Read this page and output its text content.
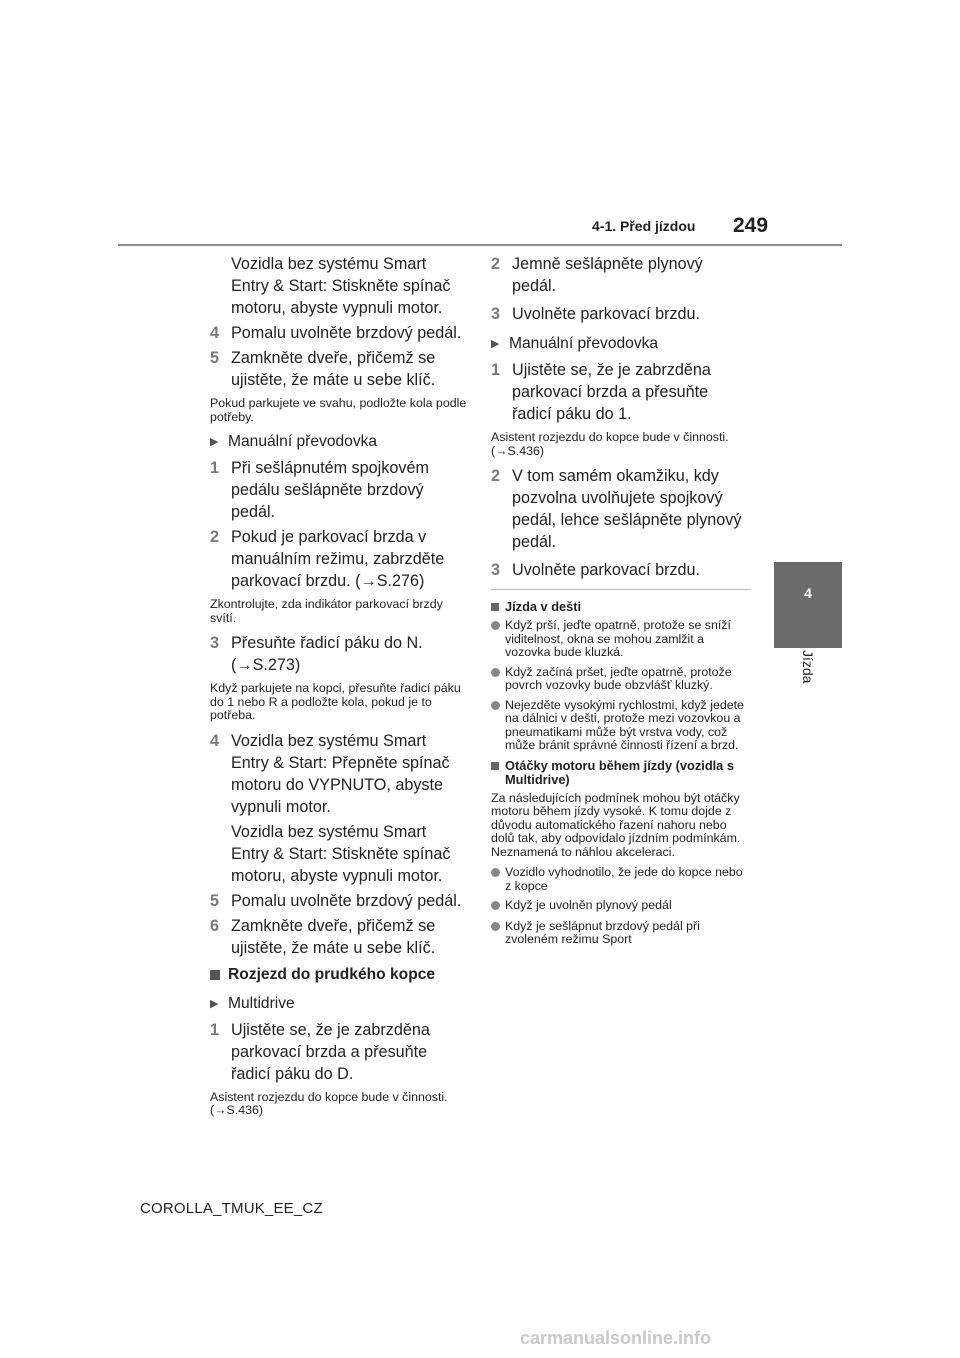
4-1. Před jízdou 249
4
Jízda

Vozidla bez systému Smart Entry & Start: Stiskněte spínač motoru, abyste vypnuli motor.

4 Pomalu uvolněte brzdový pedál.
5 Zamkněte dveře, přičemž se ujistěte, že máte u sebe klíč.

Pokud parkujete ve svahu, podložte kola podle potřeby.

▶ Manuální převodovka
1 Při sešlápnutém spojkovém pedálu sešlápněte brzdový pedál.
2 Pokud je parkovací brzda v manuálním režimu, zabrzděte parkovací brzdu. (→S.276)

Zkontrolujte, zda indikátor parkovací brzdy svítí.

3 Přesuňte řadicí páku do N. (→S.273)

Když parkujete na kopci, přesuňte řadicí páku do 1 nebo R a podložte kola, pokud je to potřeba.

4 Vozidla bez systému Smart Entry & Start: Přepněte spínač motoru do VYPNUTO, abyste vypnuli motor.

Vozidla bez systému Smart Entry & Start: Stiskněte spínač motoru, abyste vypnuli motor.

5 Pomalu uvolněte brzdový pedál.
6 Zamkněte dveře, přičemž se ujistěte, že máte u sebe klíč.
Rozjezd do prudkého kopce
▶ Multidrive
1 Ujistěte se, že je zabrzděna parkovací brzda a přesuňte řadicí páku do D.

Asistent rozjezdu do kopce bude v činnosti. (→S.436)

2 Jemně sešlápněte plynový pedál.
3 Uvolněte parkovací brzdu.
▶ Manuální převodovka
1 Ujistěte se, že je zabrzděna parkovací brzda a přesuňte řadicí páku do 1.

Asistent rozjezdu do kopce bude v činnosti. (→S.436)

2 V tom samém okamžiku, kdy pozvolna uvolňujete spojkový pedál, lehce sešlápněte plynový pedál.
3 Uvolněte parkovací brzdu.
Jízda v dešti
Když prší, jeďte opatrně, protože se sníží viditelnost, okna se mohou zamlžit a vozovka bude kluzká.
Když začíná pršet, jeďte opatrně, protože povrch vozovky bude obzvlášť kluzký.
Nejezděte vysokými rychlostmi, když jedete na dálnici v dešti, protože mezi vozovkou a pneumatikami může být vrstva vody, což může bránit správné činnosti řízení a brzd.
Otáčky motoru během jízdy (vozidla s Multidrive)

Za následujících podmínek mohou být otáčky motoru během jízdy vysoké. K tomu dojde z důvodu automatického řazení nahoru nebo dolů tak, aby odpovídalo jízdním podmínkám. Neznamená to náhlou akceleraci.

Vozidlo vyhodnotilo, že jede do kopce nebo z kopce
Když je uvolněn plynový pedál
Když je sešlápnut brzdový pedál při zvoleném režimu Sport
COROLLA_TMUK_EE_CZ
carmanualsonline.info
